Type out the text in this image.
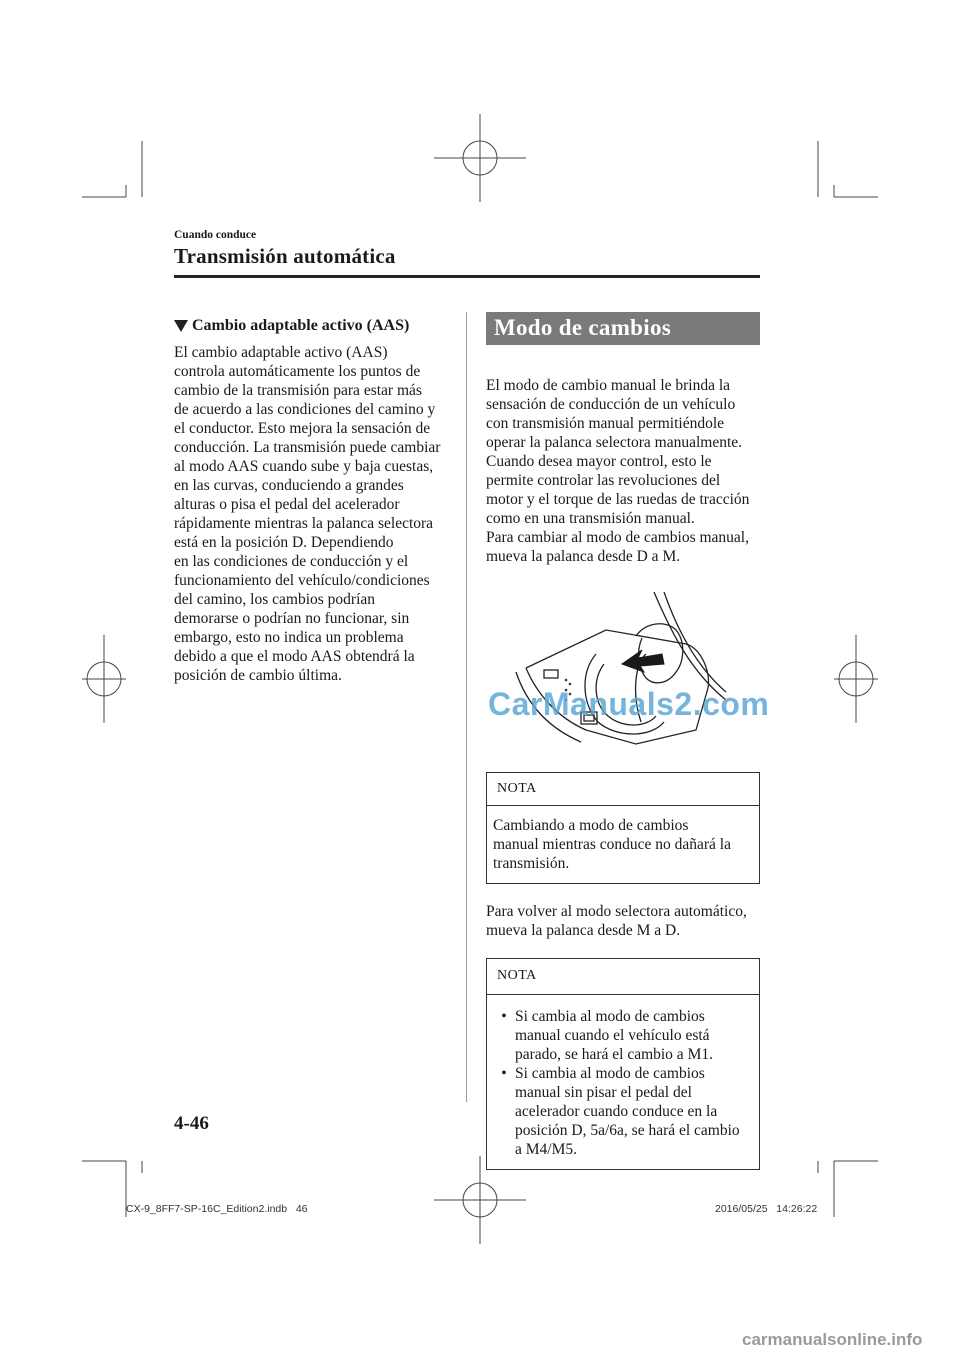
Cuando conduce
Transmisión automática
Cambio adaptable activo (AAS)

El cambio adaptable activo (AAS)
controla automáticamente los puntos de
cambio de la transmisión para estar más
de acuerdo a las condiciones del camino y
el conductor. Esto mejora la sensación de
conducción. La transmisión puede cambiar
al modo AAS cuando sube y baja cuestas,
en las curvas, conduciendo a grandes
alturas o pisa el pedal del acelerador
rápidamente mientras la palanca selectora
está en la posición D. Dependiendo
en las condiciones de conducción y el
funcionamiento del vehículo/condiciones
del camino, los cambios podrían
demorarse o podrían no funcionar, sin
embargo, esto no indica un problema
debido a que el modo AAS obtendrá la
posición de cambio última.

Modo de cambios manual

El modo de cambio manual le brinda la
sensación de conducción de un vehículo
con transmisión manual permitiéndole
operar la palanca selectora manualmente.
Cuando desea mayor control, esto le
permite controlar las revoluciones del
motor y el torque de las ruedas de tracción
como en una transmisión manual.
Para cambiar al modo de cambios manual,
mueva la palanca desde D a M.

NOTA
Cambiando a modo de cambios
manual mientras conduce no dañará la
transmisión.

Para volver al modo selectora automático,
mueva la palanca desde M a D.

NOTA
• Si cambia al modo de cambios
manual cuando el vehículo está
parado, se hará el cambio a M1.
• Si cambia al modo de cambios
manual sin pisar el pedal del
acelerador cuando conduce en la
posición D, 5a/6a, se hará el cambio
a M4/M5.
CarManuals2.com
4-46
CX-9_8FF7-SP-16C_Edition2.indb   46	2016/05/25   14:26:22
carmanualsonline.info
